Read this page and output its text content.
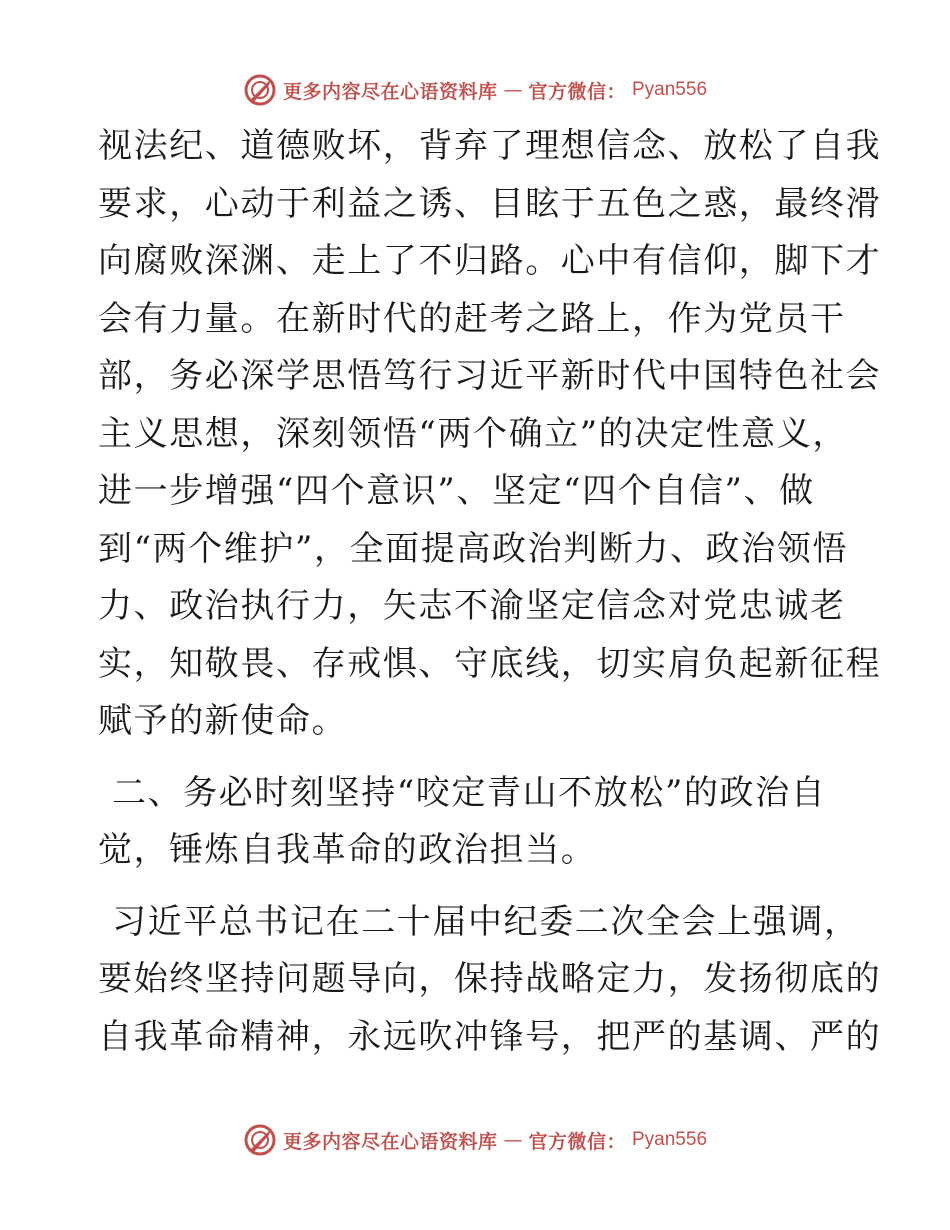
更多内容尽在心语资料库 — 官方微信： Pyan556
视法纪、道德败坏，背弃了理想信念、放松了自我
要求，心动于利益之诱、目眩于五色之惑，最终滑
向腐败深渊、走上了不归路。心中有信仰，脚下才
会有力量。在新时代的赶考之路上，作为党员干
部，务必深学思悟笃行习近平新时代中国特色社会
主义思想，深刻领悟“两个确立”的决定性意义，
进一步增强“四个意识”、坚定“四个自信”、做
到“两个维护”，全面提高政治判断力、政治领悟
力、政治执行力，矢志不渝坚定信念对党忠诚老
实，知敬畏、存戒惧、守底线，切实肩负起新征程
赋予的新使命。
二、务必时刻坚持“咬定青山不放松”的政治自
觉，锤炼自我革命的政治担当。
习近平总书记在二十届中纪委二次全会上强调，
要始终坚持问题导向，保持战略定力，发扬彻底的
自我革命精神，永远吹冲锋号，把严的基调、严的
更多内容尽在心语资料库 — 官方微信： Pyan556
